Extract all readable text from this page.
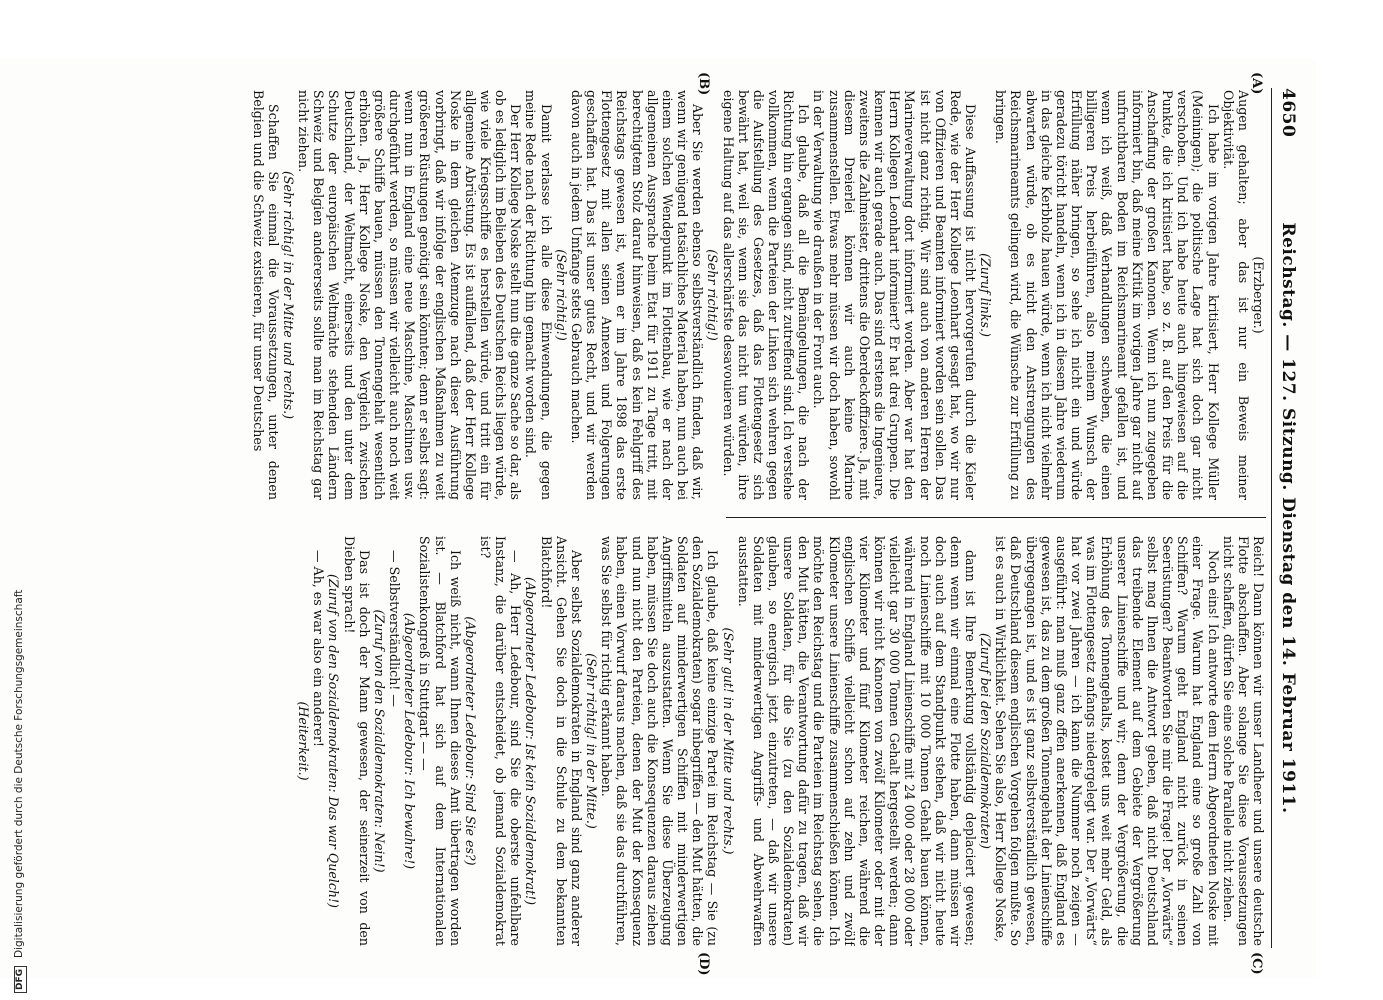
4650
Reichstag. — 127. Sitzung. Dienstag den 14. Februar 1911.
(A)
(B)
(C)
(D)
(Erzberger.)

Augen gehalten; aber das ist nur ein Beweis meiner Objektivität.

Ich habe im vorigen Jahre kritisiert, Herr Kollege Müller (Meiningen); die politische Lage hat sich doch gar nicht verschoben. Und ich habe heute auch hingewiesen auf die Punkte, die ich kritisiert habe, so z. B. auf den Preis für die Anschaffung der großen Kanonen. Wenn ich nun zugegeben informiert bin, daß meine Kritik im vorigen Jahre gar nicht auf unfruchtbaren Boden im Reichsmarineamt gefallen ist, und wenn ich weiß, daß Verhandlungen schweben, die einen billigeren Preis herbeiführen, also meinem Wunsch der Erfüllung näher bringen, so sehe ich nicht ein und würde geradezu töricht handeln, wenn ich in diesem Jahre wiederum in das gleiche Kerbholz hauen würde, wenn ich nicht vielmehr abwarten würde, ob es nicht den Anstrengungen des Reichsmarineamts gelingen wird, die Wünsche zur Erfüllung zu bringen.

(Zuruf links.)

Diese Auffassung ist nicht hervorgerufen durch die Kieler Rede, wie der Herr Kollege Leonhart gesagt hat, wo wir nur von Offizieren und Beamten informiert worden sein sollen. Das ist nicht ganz richtig. Wir sind auch von anderen Herren der Marineverwaltung dort informiert worden. Aber war hat den Herrn Kollegen Leonhart informiert? Er hat drei Gruppen. Die kennen wir auch gerade auch. Das sind erstens die Ingenieure, zweitens die Zahlmeister, drittens die Oberdeckoffiziere. Ja, mit diesem Dreierlei können wir auch keine Marine zusammenstellen. Etwas mehr müssen wir doch haben, sowohl in der Verwaltung wie draußen in der Front auch.

Ich glaube, daß all die Bemängelungen, die nach der Richtung hin ergangen sind, nicht zutreffend sind. Ich verstehe vollkommen, wenn die Parteien der Linken sich wehren gegen die Aufstellung des Gesetzes, daß das Flottengesetz sich bewährt hat, weil sie, wenn sie das nicht tun würden, ihre eigene Haltung auf das allerschärfste desavouieren würden.

(Sehr richtig!)

Aber Sie werden ebenso selbstverständlich finden, daß wir, wenn wir genügend tatsächliches Material haben, nun auch bei einem solchen Wendepunkt im Flottenbau, wie er nach der allgemeinen Aussprache beim Etat für 1911 zu Tage tritt, mit berechtigtem Stolz darauf hinweisen, daß es kein Fehlgriff des Reichstags gewesen ist, wenn er im Jahre 1898 das erste Flottengesetz mit allen seinen Annexen und Folgerungen geschaffen hat. Das ist unser gutes Recht, und wir werden davon auch in jedem Umfange stets Gebrauch machen.

(Sehr richtig!)

Damit verlasse ich alle diese Einwendungen, die gegen meine Rede nach der Richtung hin gemacht worden sind.

Der Herr Kollege Noske stellt nun die ganze Sache so dar, als ob es lediglich im Belieben des Deutschen Reichs liegen würde, wie viele Kriegsschiffe es herstellen würde, und tritt ein für allgemeine Abrüstung. Es ist auffallend, daß der Herr Kollege Noske in dem gleichen Atemzuge nach dieser Ausführung vorbringt, daß wir infolge der englischen Maßnahmen zu weit größeren Rüstungen genötigt sein könnten; denn er selbst sagt: wenn nun in England eine neue Maschine, Maschinen usw. durchgeführt werden, so müssen wir vielleicht auch noch weit größere Schiffe bauen, müssen den Tonnengehalt wesentlich erhöhen. Ja, Herr Kollege Noske, den Vergleich zwischen Deutschland, der Weltmacht, einerseits und den unter dem Schutze der europäischen Weltmächte stehenden Ländern Schweiz und Belgien andererseits sollte man im Reichstag gar nicht ziehen.

(Sehr richtig! in der Mitte und rechts.)

Schaffen Sie einmal die Voraussetzungen, unter denen Belgien und die Schweiz existieren, für unser Deutsches

Reich! Dann können wir unser Landheer und unsere deutsche Flotte abschaffen. Aber solange Sie diese Voraussetzungen nicht schaffen, dürfen Sie eine solche Parallele nicht ziehen.

Noch eins! Ich antworte dem Herrn Abgeordneten Noske mit einer Frage. Warum hat England eine so große Zahl von Schiffen? Warum geht England nicht zurück in seinen Seerüstungen? Beantworten Sie mir die Frage! Der „Vorwärts“ selbst mag Ihnen die Antwort geben, daß nicht Deutschland das treibende Element auf dem Gebiete der Vergrößerung unserer Linienschiffe und wir; denn der Vergrößerung, die Erhöhung des Tonnengehalts, kostet uns weit mehr Geld, als was im Flottengesetz anfangs niedergelegt war. Der „Vorwärts“ hat vor zwei Jahren — ich kann die Nummer noch zeigen — ausgeführt: man muß ganz offen anerkennen, daß England es gewesen ist, das zu dem großen Tonnengehalt der Linienschiffe übergegangen ist, und es ist ganz selbstverständlich gewesen, daß Deutschland diesem englischen Vorgehen folgen mußte. So ist es auch in Wirklichkeit. Sehen Sie also, Herr Kollege Noske,

(Zuruf bei den Sozialdemokraten)

dann ist Ihre Bemerkung vollständig deplaciert gewesen; denn wenn wir einmal eine Flotte haben, dann müssen wir doch auch auf dem Standpunkt stehen, daß wir nicht heute noch Linienschiffe mit 10 000 Tonnen Gehalt bauen können, während in England Linienschiffe mit 24 000 oder 28 000 oder vielleicht gar 30 000 Tonnen Gehalt hergestellt werden; dann können wir nicht Kanonen von zwölf Kilometer oder mit der vier Kilometer und fünf Kilometer reichen, während die englischen Schiffe vielleicht schon auf zehn und zwölf Kilometer unsere Linienschiffe zusammenschießen können. Ich möchte den Reichstag und die Parteien im Reichstag sehen, die den Mut hätten, die Verantwortung dafür zu tragen, daß wir unsere Soldaten, für die Sie (zu den Sozialdemokraten) glauben, so energisch jetzt einzutreten, — daß wir unsere Soldaten mit minderwertigen Angriffs- und Abwehrwaffen ausstatten.

(Sehr gut! in der Mitte und rechts.)

Ich glaube, daß keine einzige Partei im Reichstag — Sie (zu den Sozialdemokraten) sogar inbegriffen — den Mut hätten, die Soldaten auf minderwertigen Schiffen mit minderwertigen Angriffsmitteln auszustatten. Wenn Sie diese Überzeugung haben, müssen Sie doch auch die Konsequenzen daraus ziehen und nun nicht den Parteien, denen der Mut der Konsequenz haben, einen Vorwurf daraus machen, daß sie das durchführen, was Sie selbst für richtig erkannt haben.

(Sehr richtig! in der Mitte.)

Aber selbst Sozialdemokraten in England sind ganz anderer Ansicht. Gehen Sie doch in die Schule zu dem bekannten Blatchford!

(Abgeordneter Ledebour: Ist kein Sozialdemokrat!)

— Ah, Herr Ledebour, sind Sie die oberste unfehlbare Instanz, die darüber entscheidet, ob jemand Sozialdemokrat ist?

(Abgeordneter Ledebour: Sind Sie es?)

Ich weiß nicht, wann Ihnen dieses Amt übertragen worden ist. — Blatchford hat sich auf dem Internationalen Sozialistenkongreß in Stuttgart — —

(Abgeordneter Ledebour: Ich bewahre!)

— Selbstverständlich! —

(Zuruf von den Sozialdemokraten: Nein!)

Das ist doch der Mann gewesen, der seinerzeit von den Dieben sprach!

(Zuruf von den Sozialdemokraten: Das war Quelch!)

— Ah, es war also ein anderer!

(Heiterkeit.)
DFGDigitalisierung gefördert durch die Deutsche Forschungsgemeinschaft
